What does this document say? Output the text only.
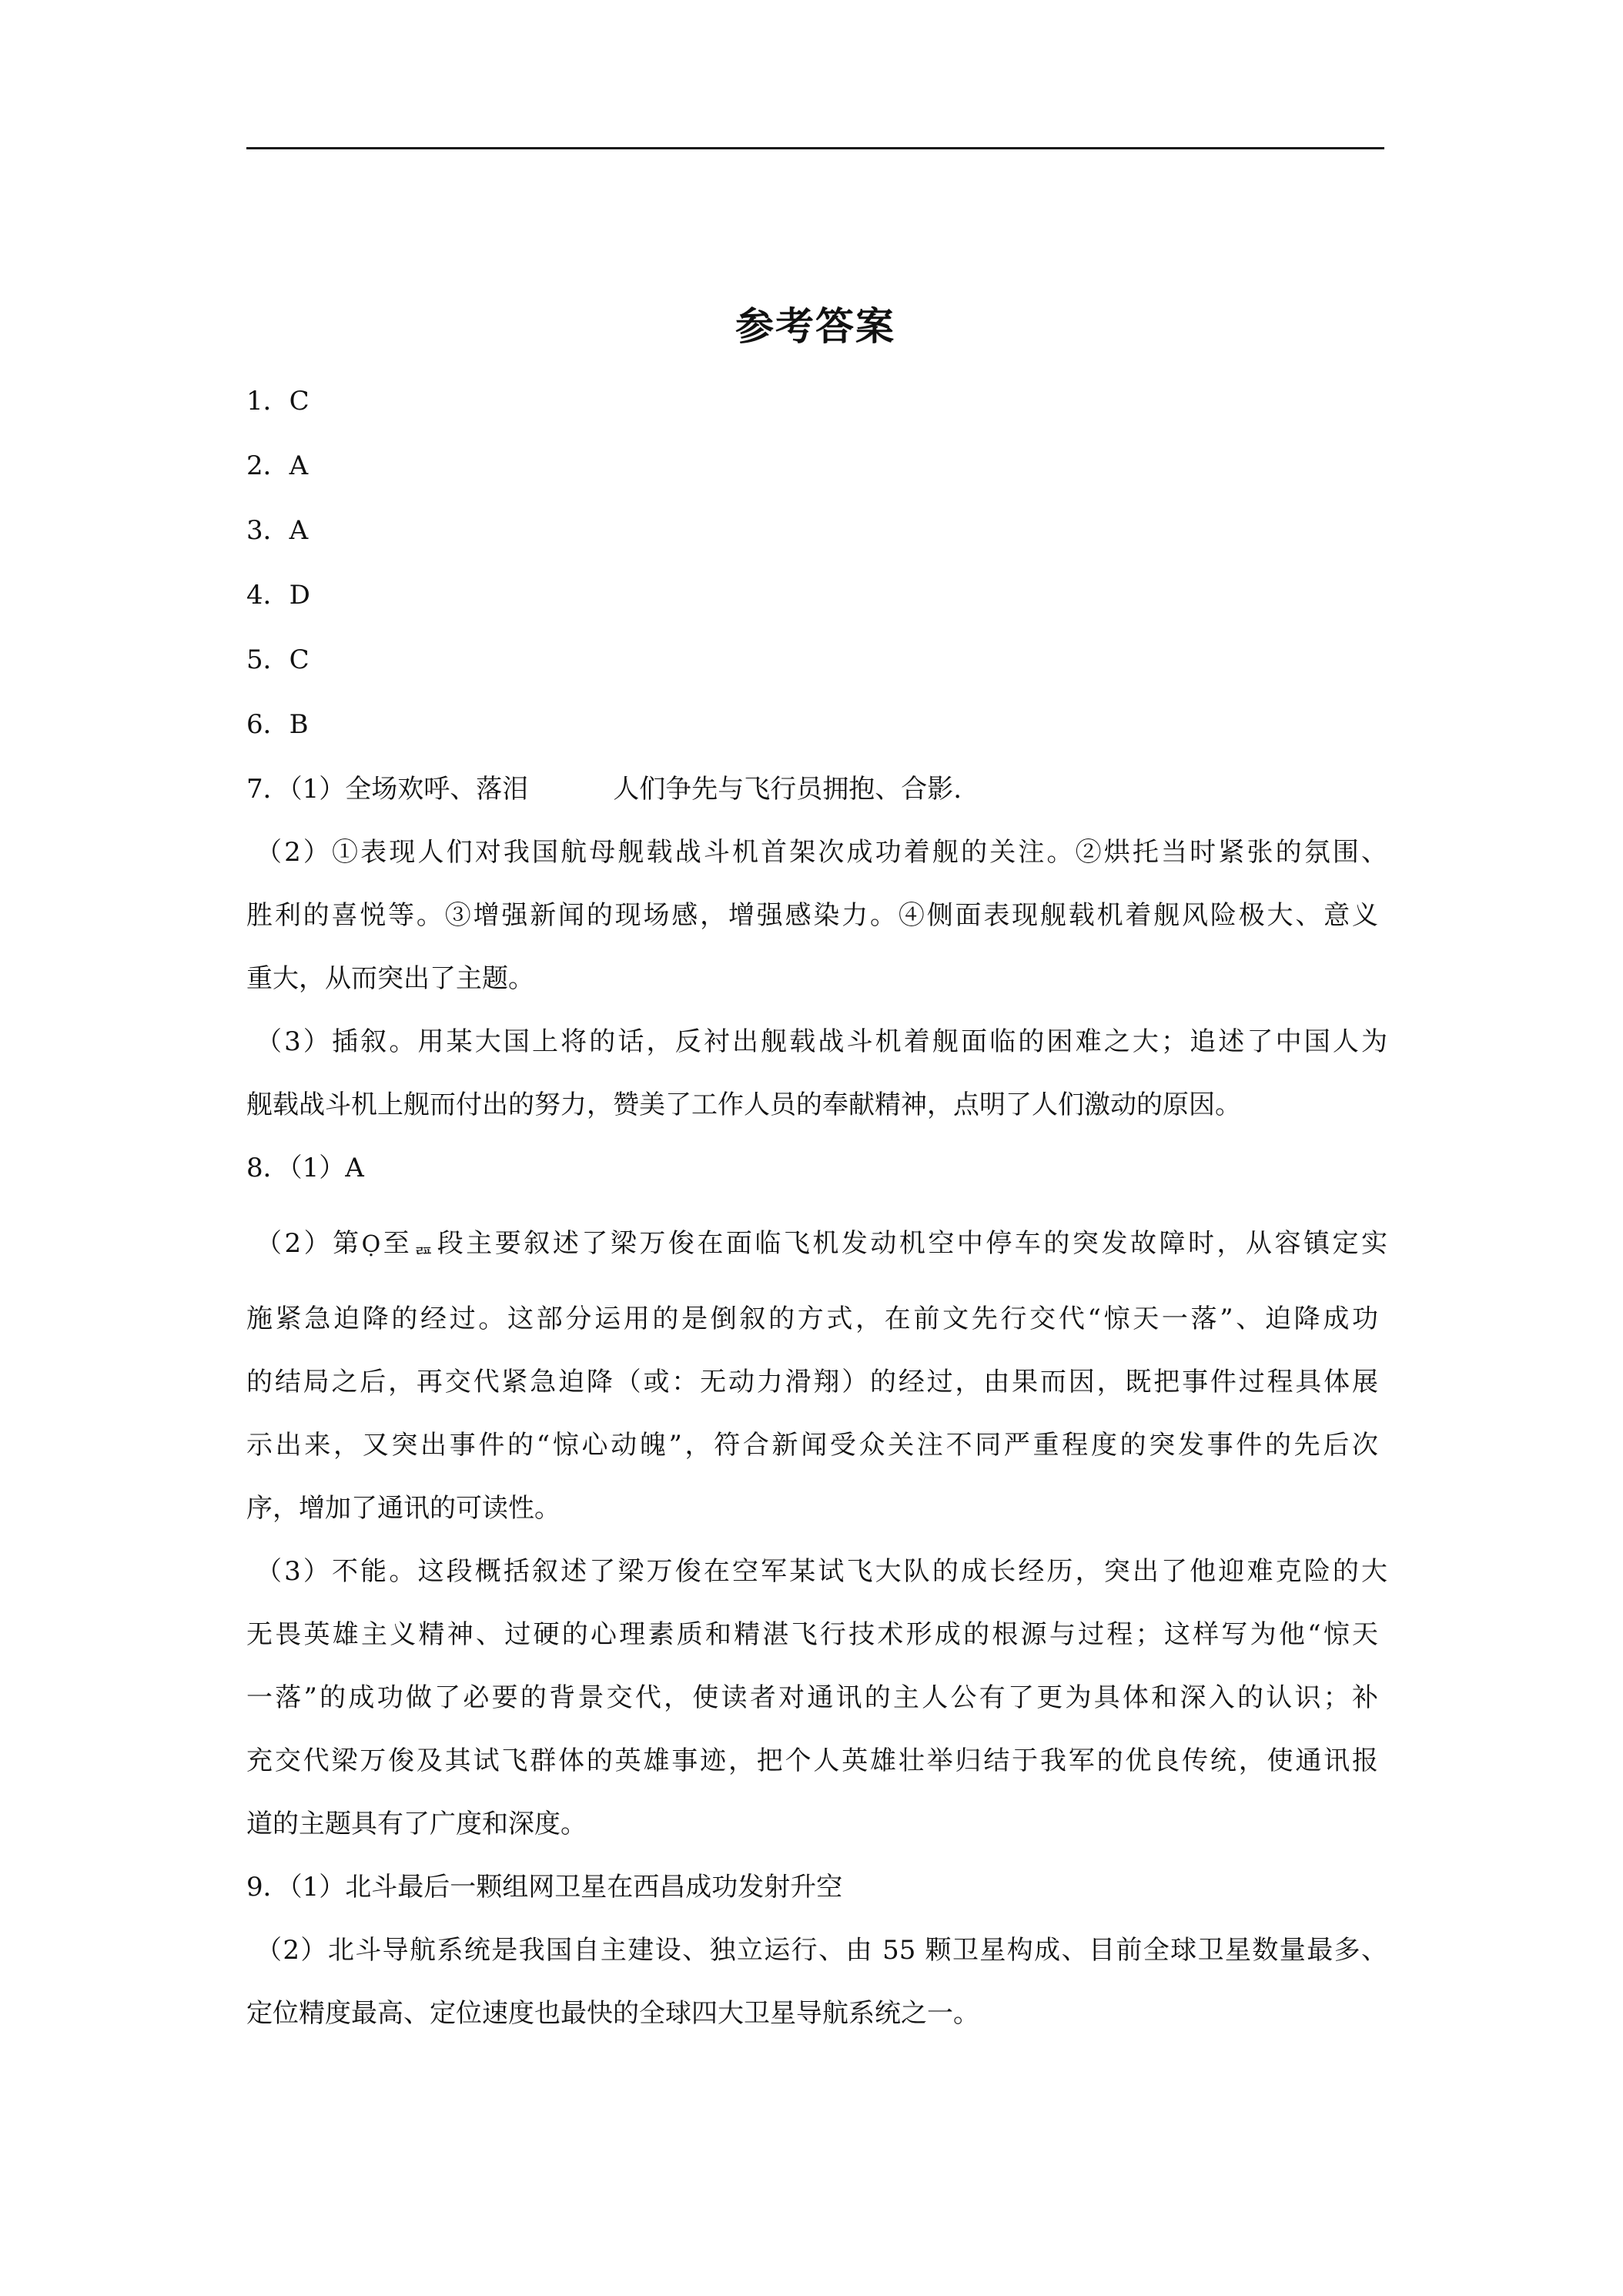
参考答案
1．C
2．A
3．A
4．D
5．C
6．B
7．（1）全场欢呼、落泪	人们争先与飞行员拥抱、合影.
（2）①表现人们对我国航母舰载战斗机首架次成功着舰的关注。②烘托当时紧张的氛围、
胜利的喜悦等。③增强新闻的现场感，增强感染力。④侧面表现舰载机着舰风险极大、意义
重大，从而突出了主题。
（3）插叙。用某大国上将的话，反衬出舰载战斗机着舰面临的困难之大；追述了中国人为
舰载战斗机上舰而付出的努力，赞美了工作人员的奉献精神，点明了人们激动的原因。
8．（1）A
（2）第Ọ至ᆵ段主要叙述了梁万俊在面临飞机发动机空中停车的突发故障时，从容镇定实
施紧急迫降的经过。这部分运用的是倒叙的方式，在前文先行交代“惊天一落”、迫降成功
的结局之后，再交代紧急迫降（或：无动力滑翔）的经过，由果而因，既把事件过程具体展
示出来，又突出事件的“惊心动魄”，符合新闻受众关注不同严重程度的突发事件的先后次
序，增加了通讯的可读性。
（3）不能。这段概括叙述了梁万俊在空军某试飞大队的成长经历，突出了他迎难克险的大
无畏英雄主义精神、过硬的心理素质和精湛飞行技术形成的根源与过程；这样写为他“惊天
一落”的成功做了必要的背景交代，使读者对通讯的主人公有了更为具体和深入的认识；补
充交代梁万俊及其试飞群体的英雄事迹，把个人英雄壮举归结于我军的优良传统，使通讯报
道的主题具有了广度和深度。
9．（1）北斗最后一颗组网卫星在西昌成功发射升空
（2）北斗导航系统是我国自主建设、独立运行、由 55 颗卫星构成、目前全球卫星数量最多、
定位精度最高、定位速度也最快的全球四大卫星导航系统之一。
